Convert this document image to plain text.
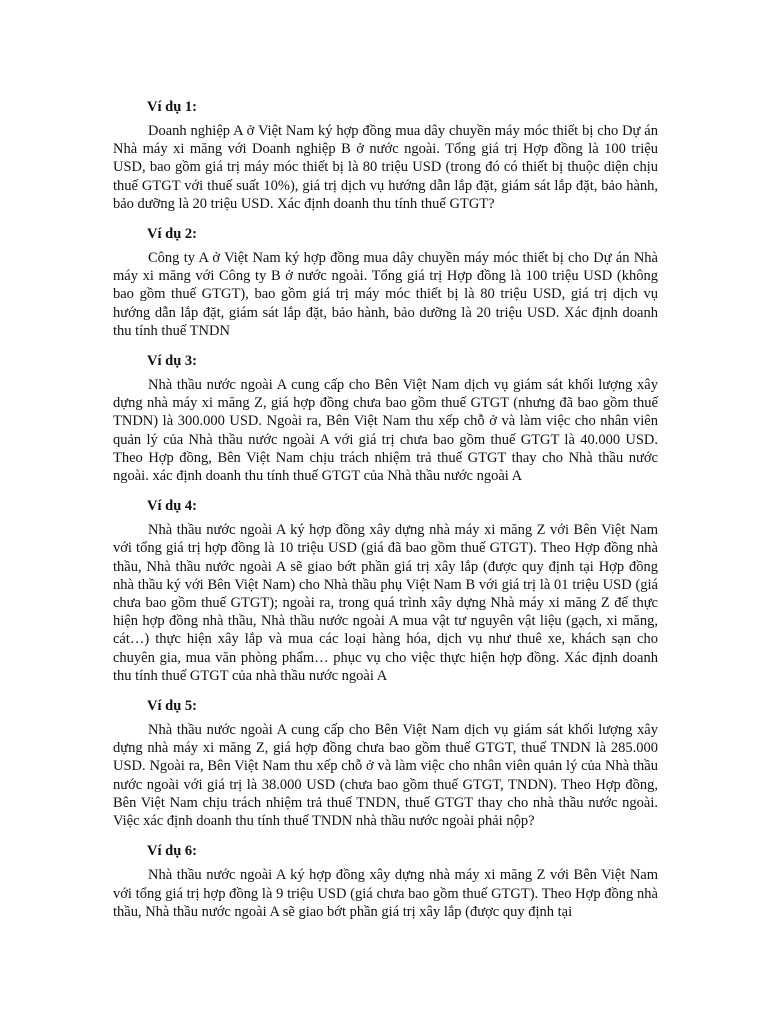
Ví dụ 1:

Doanh nghiệp A ở Việt Nam ký hợp đồng mua dây chuyền máy móc thiết bị cho Dự án Nhà máy xi măng với Doanh nghiệp B ở nước ngoài. Tổng giá trị Hợp đồng là 100 triệu USD, bao gồm giá trị máy móc thiết bị là 80 triệu USD (trong đó có thiết bị thuộc diện chịu thuế GTGT với thuế suất 10%), giá trị dịch vụ hướng dẫn lắp đặt, giám sát lắp đặt, bảo hành, bảo dưỡng là 20 triệu USD. Xác định doanh thu tính thuế GTGT?

Ví dụ 2:

Công ty A ở Việt Nam ký hợp đồng mua dây chuyền máy móc thiết bị cho Dự án Nhà máy xi măng với Công ty B ở nước ngoài. Tổng giá trị Hợp đồng là 100 triệu USD (không bao gồm thuế GTGT), bao gồm giá trị máy móc thiết bị là 80 triệu USD, giá trị dịch vụ hướng dẫn lắp đặt, giám sát lắp đặt, bảo hành, bảo dưỡng là 20 triệu USD. Xác định doanh thu tính thuế TNDN

Ví dụ 3:

Nhà thầu nước ngoài A cung cấp cho Bên Việt Nam dịch vụ giám sát khối lượng xây dựng nhà máy xi măng Z, giá hợp đồng chưa bao gồm thuế GTGT (nhưng đã bao gồm thuế TNDN) là 300.000 USD. Ngoài ra, Bên Việt Nam thu xếp chỗ ở và làm việc cho nhân viên quản lý của Nhà thầu nước ngoài A với giá trị chưa bao gồm thuế GTGT là 40.000 USD. Theo Hợp đồng, Bên Việt Nam chịu trách nhiệm trả thuế GTGT thay cho Nhà thầu nước ngoài. xác định doanh thu tính thuế GTGT của Nhà thầu nước ngoài A

Ví dụ 4:

Nhà thầu nước ngoài A ký hợp đồng xây dựng nhà máy xi măng Z với Bên Việt Nam với tổng giá trị hợp đồng là 10 triệu USD (giá đã bao gồm thuế GTGT). Theo Hợp đồng nhà thầu, Nhà thầu nước ngoài A sẽ giao bớt phần giá trị xây lắp (được quy định tại Hợp đồng nhà thầu ký với Bên Việt Nam) cho Nhà thầu phụ Việt Nam B với giá trị là 01 triệu USD (giá chưa bao gồm thuế GTGT); ngoài ra, trong quá trình xây dựng Nhà máy xi măng Z để thực hiện hợp đồng nhà thầu, Nhà thầu nước ngoài A mua vật tư nguyên vật liệu (gạch, xi măng, cát…) thực hiện xây lắp và mua các loại hàng hóa, dịch vụ như thuê xe, khách sạn cho chuyên gia, mua văn phòng phẩm… phục vụ cho việc thực hiện hợp đồng. Xác định doanh thu tính thuế GTGT của nhà thầu nước ngoài A

Ví dụ 5:

Nhà thầu nước ngoài A cung cấp cho Bên Việt Nam dịch vụ giám sát khối lượng xây dựng nhà máy xi măng Z, giá hợp đồng chưa bao gồm thuế GTGT, thuế TNDN là 285.000 USD. Ngoài ra, Bên Việt Nam thu xếp chỗ ở và làm việc cho nhân viên quản lý của Nhà thầu nước ngoài với giá trị là 38.000 USD (chưa bao gồm thuế GTGT, TNDN). Theo Hợp đồng, Bên Việt Nam chịu trách nhiệm trả thuế TNDN, thuế GTGT thay cho nhà thầu nước ngoài. Việc xác định doanh thu tính thuế TNDN nhà thầu nước ngoài phải nộp?

Ví dụ 6:

Nhà thầu nước ngoài A ký hợp đồng xây dựng nhà máy xi măng Z với Bên Việt Nam với tổng giá trị hợp đồng là 9 triệu USD (giá chưa bao gồm thuế GTGT). Theo Hợp đồng nhà thầu, Nhà thầu nước ngoài A sẽ giao bớt phần giá trị xây lắp (được quy định tại
